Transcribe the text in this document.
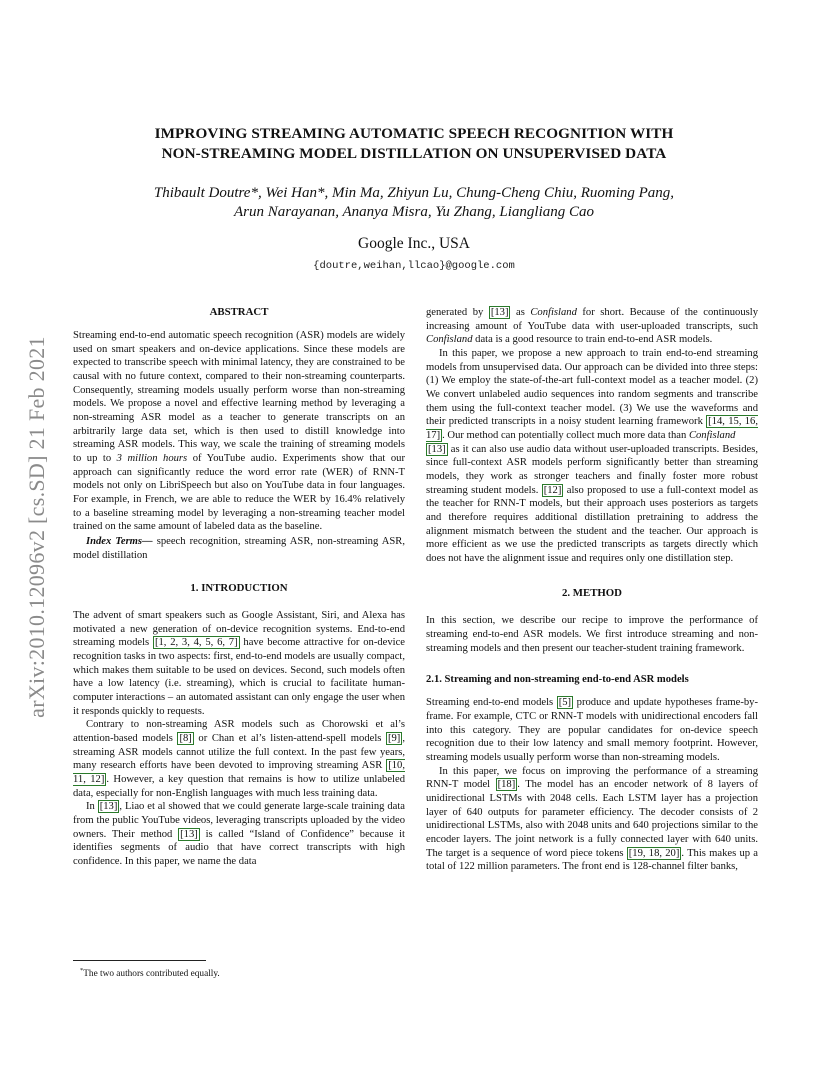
IMPROVING STREAMING AUTOMATIC SPEECH RECOGNITION WITH
NON-STREAMING MODEL DISTILLATION ON UNSUPERVISED DATA
Thibault Doutre*, Wei Han*, Min Ma, Zhiyun Lu, Chung-Cheng Chiu, Ruoming Pang,
Arun Narayanan, Ananya Misra, Yu Zhang, Liangliang Cao
Google Inc., USA
{doutre,weihan,llcao}@google.com
arXiv:2010.12096v2 [cs.SD] 21 Feb 2021
ABSTRACT

Streaming end-to-end automatic speech recognition (ASR) models are widely used on smart speakers and on-device applications. Since these models are expected to transcribe speech with minimal latency, they are constrained to be causal with no future context, compared to their non-streaming counterparts. Consequently, streaming models usually perform worse than non-streaming models. We propose a novel and effective learning method by leveraging a non-streaming ASR model as a teacher to generate transcripts on an arbitrarily large data set, which is then used to distill knowledge into streaming ASR models. This way, we scale the training of streaming models to up to 3 million hours of YouTube audio. Experiments show that our approach can significantly reduce the word error rate (WER) of RNN-T models not only on LibriSpeech but also on YouTube data in four languages. For example, in French, we are able to reduce the WER by 16.4% relatively to a baseline streaming model by leveraging a non-streaming teacher model trained on the same amount of labeled data as the baseline.

Index Terms— speech recognition, streaming ASR, non-streaming ASR, model distillation

1. INTRODUCTION

The advent of smart speakers such as Google Assistant, Siri, and Alexa has motivated a new generation of on-device recognition systems. End-to-end streaming models [1, 2, 3, 4, 5, 6, 7] have become attractive for on-device recognition tasks in two aspects: first, end-to-end models are usually compact, which makes them suitable to be used on devices. Second, such models often have a low latency (i.e. streaming), which is crucial to facilitate human-computer interactions – an automated assistant can only engage the user when it responds quickly to requests.

Contrary to non-streaming ASR models such as Chorowski et al’s attention-based models [8] or Chan et al’s listen-attend-spell models [9] , streaming ASR models cannot utilize the full context. In the past few years, many research efforts have been devoted to improving streaming ASR [10, 11, 12] . However, a key question that remains is how to utilize unlabeled data, especially for non-English languages with much less training data.

In [13] , Liao et al showed that we could generate large-scale training data from the public YouTube videos, leveraging transcripts uploaded by the video owners. Their method [13] is called “Island of Confidence” because it identifies segments of audio that have correct transcripts with high confidence. In this paper, we name the data

*The two authors contributed equally.

generated by [13] as Confisland for short. Because of the continuously increasing amount of YouTube data with user-uploaded transcripts, such Confisland data is a good resource to train end-to-end ASR models.

In this paper, we propose a new approach to train end-to-end streaming models from unsupervised data. Our approach can be divided into three steps: (1) We employ the state-of-the-art full-context model as a teacher model. (2) We convert unlabeled audio sequences into random segments and transcribe them using the full-context teacher model. (3) We use the waveforms and their predicted transcripts in a noisy student learning framework [14, 15, 16, 17] . Our method can potentially collect much more data than Confisland
[13] as it can also use audio data without user-uploaded transcripts. Besides, since full-context ASR models perform significantly better than streaming models, they work as stronger teachers and finally foster more robust streaming student models. [12] also proposed to use a full-context model as the teacher for RNN-T models, but their approach uses posteriors as targets and therefore requires additional distillation pretraining to address the alignment mismatch between the student and the teacher. Our approach is more efficient as we use the predicted transcripts as targets directly which does not have the alignment issue and requires only one distillation step.

2. METHOD

In this section, we describe our recipe to improve the performance of streaming end-to-end ASR models. We first introduce streaming and non-streaming models and then present our teacher-student training framework.

2.1. Streaming and non-streaming end-to-end ASR models

Streaming end-to-end models [5] produce and update hypotheses frame-by-frame. For example, CTC or RNN-T models with unidirectional encoders fall into this category. They are popular candidates for on-device speech recognition due to their low latency and small memory footprint. However, streaming models usually perform worse than non-streaming models.

In this paper, we focus on improving the performance of a streaming RNN-T model [18] . The model has an encoder network of 8 layers of unidirectional LSTMs with 2048 cells. Each LSTM layer has a projection layer of 640 outputs for parameter efficiency. The decoder consists of 2 unidirectional LSTMs, also with 2048 units and 640 projections similar to the encoder layers. The joint network is a fully connected layer with 640 units. The target is a sequence of word piece tokens [19, 18, 20] . This makes up a total of 122 million parameters. The front end is 128-channel filter banks,
